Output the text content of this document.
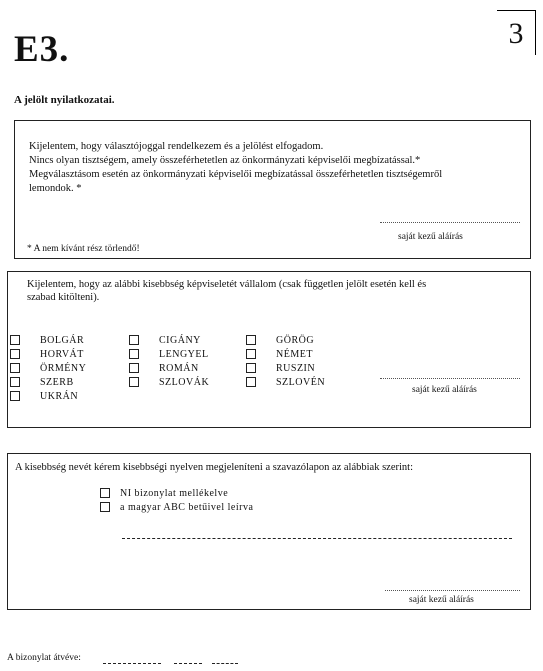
E3.	3
A jelölt nyilatkozatai.
Kijelentem, hogy választójoggal rendelkezem és a jelölést elfogadom.
Nincs olyan tisztségem, amely összeférhetetlen az önkormányzati képviselői megbízatással.*
Megválasztásom esetén az önkormányzati képviselői megbízatással összeférhetetlen tisztségemről
lemondok. *
saját kezű aláírás
* A nem kívánt rész törlendő!
Kijelentem, hogy az alábbi kisebbség képviseletét vállalom (csak független jelölt esetén kell és
szabad kitölteni).
BOLGÁR
HORVÁT
ÖRMÉNY
SZERB
UKRÁN
CIGÁNY
LENGYEL
ROMÁN
SZLOVÁK
GÖRÖG
NÉMET
RUSZIN
SZLOVÉN
saját kezű aláírás
A kisebbség nevét kérem kisebbségi nyelven megjeleníteni a szavazólapon az alábbiak szerint:
NI bizonylat mellékelve
a magyar ABC betűivel leírva
saját kezű aláírás
A bizonylat átvéve:
